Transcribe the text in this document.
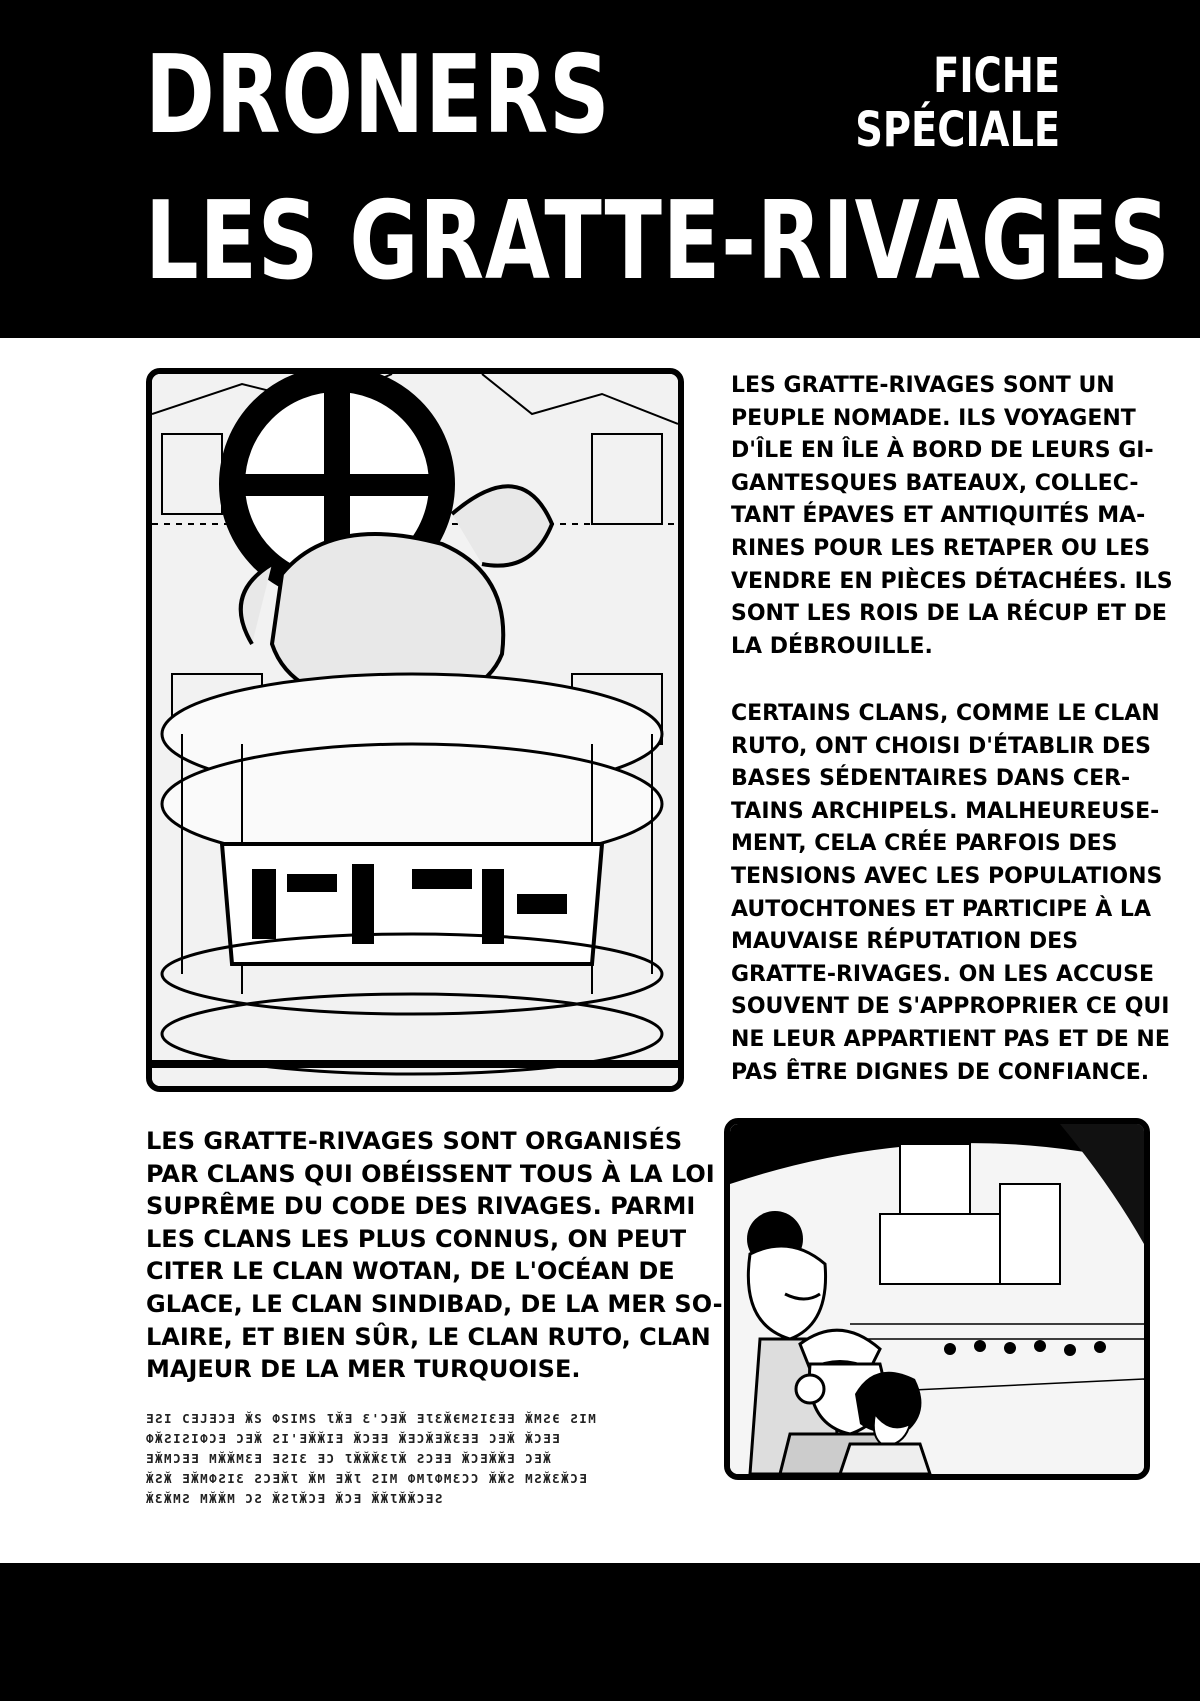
DRONERS
LES GRATTE-RIVAGES
FICHE
SPÉCIALE
LES GRATTE-RIVAGES SONT UN
PEUPLE NOMADE. ILS VOYAGENT
D'ÎLE EN ÎLE À BORD DE LEURS GI-
GANTESQUES BATEAUX, COLLEC-
TANT ÉPAVES ET ANTIQUITÉS MA-
RINES POUR LES RETAPER OU LES
VENDRE EN PIÈCES DÉTACHÉES. ILS
SONT LES ROIS DE LA RÉCUP ET DE
LA DÉBROUILLE.
CERTAINS CLANS, COMME LE CLAN
RUTO, ONT CHOISI D'ÉTABLIR DES
BASES SÉDENTAIRES DANS CER-
TAINS ARCHIPELS. MALHEUREUSE-
MENT, CELA CRÉE PARFOIS DES
TENSIONS AVEC LES POPULATIONS
AUTOCHTONES ET PARTICIPE À LA
MAUVAISE RÉPUTATION DES
GRATTE-RIVAGES. ON LES ACCUSE
SOUVENT DE S'APPROPRIER CE QUI
NE LEUR APPARTIENT PAS ET DE NE
PAS ÊTRE DIGNES DE CONFIANCE.
LES GRATTE-RIVAGES SONT ORGANISÉS
PAR CLANS QUI OBÉISSENT TOUS À LA LOI
SUPRÊME DU CODE DES RIVAGES. PARMI
LES CLANS LES PLUS CONNUS, ON PEUT
CITER LE CLAN WOTAN, DE L'OCÉAN DE
GLACE, LE CLAN SINDIBAD, DE LA MER SO-
LAIRE, ET BIEN SÛR, LE CLAN RUTO, CLAN
MAJEUR DE LA MER TURQUOISE.
ƎƧI CƎJƎƆƎ ӁS ФЅIMS ƖӁƎ Ɛ'ƆƎӁ ƎƖƐӁЄMƧIƐƎƎ ӁMƧЄ ƧIM
ФӁƧIƧIФƆƎ ƆƎӁ ƧI'ƎӁӁIƎ ӁƆƎƎ ӁƎƆӁƎӁƐƎƎ ƆƎӁ ӁƆƎƎ
ƎӁMƆƎƎ MӁӁMƐƎ ƎƧIƐ ƎƆ ƖӁӁӁƐƖӁ ƧƆƎƎ ӁƆƎӁӁƎ ƆƎӁ
ӁƧӁ ƎӁMФƧIƐ ƧƆƎӁƖ ӁM ƎӁƖ ƧIM ФMƖФMƐƆƆ ӁӁƧ MƧӁƐӁƆƎ
ӁƐӁMƧ MӁӁM ƆƧ ӁƧƖӁƆƎ ӁƆƎ ӁӁƖӁӁƆƎƧ
